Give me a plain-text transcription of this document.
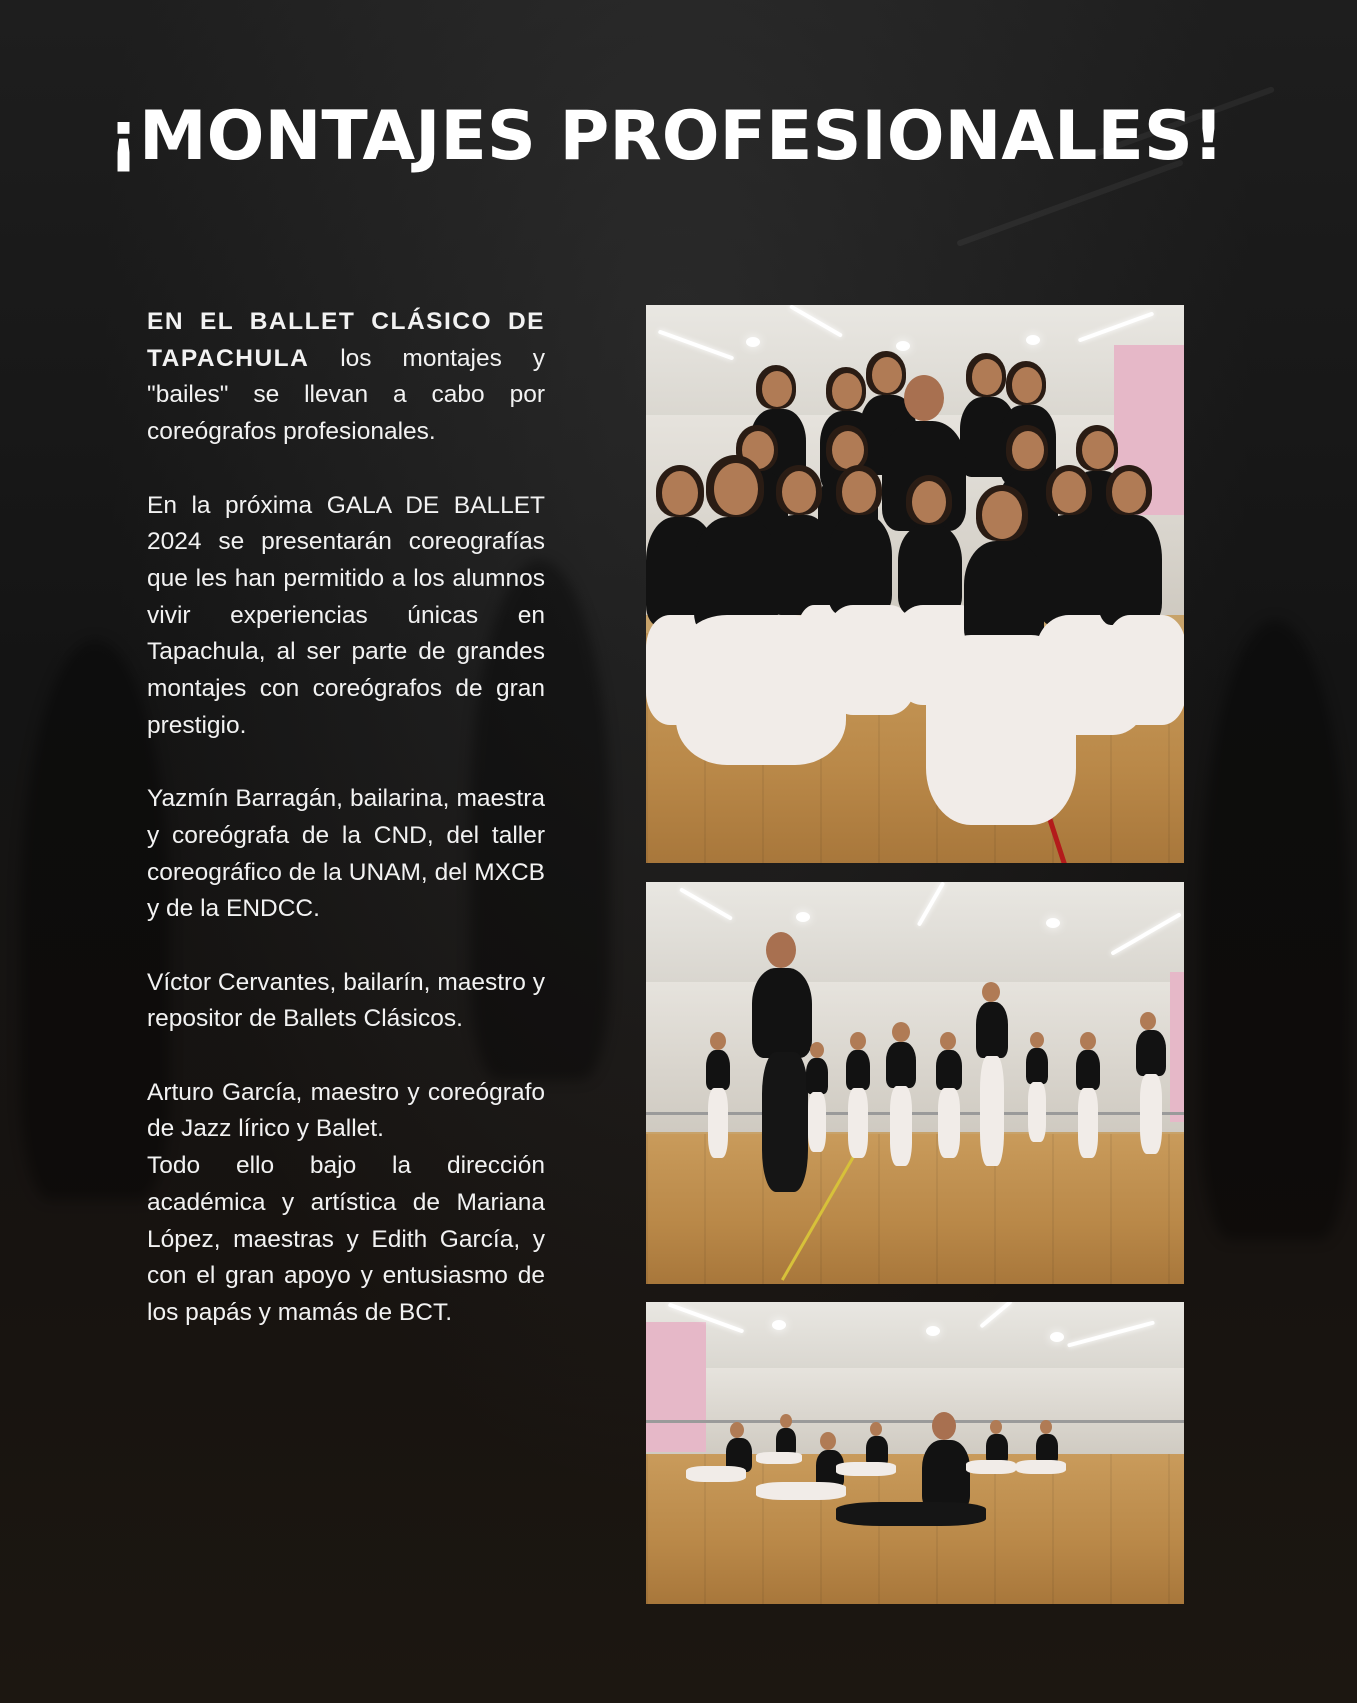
¡MONTAJES PROFESIONALES!

EN EL BALLET CLÁSICO DE TAPACHULA los montajes y "bailes" se llevan a cabo por coreógrafos profesionales.

En la próxima GALA DE BALLET 2024 se presentarán coreografías que les han permitido a los alumnos vivir experiencias únicas en Tapachula, al ser parte de grandes montajes con coreógrafos de gran prestigio.

Yazmín Barragán, bailarina, maestra y coreógrafa de la CND, del taller coreográfico de la UNAM, del MXCB y de la ENDCC.

Víctor Cervantes, bailarín, maestro y repositor de Ballets Clásicos.

Arturo García, maestro y coreógrafo de Jazz lírico y Ballet.

Todo ello bajo la dirección académica y artística de Mariana López, maestras y Edith García, y con el gran apoyo y entusiasmo de los papás y mamás de BCT.
